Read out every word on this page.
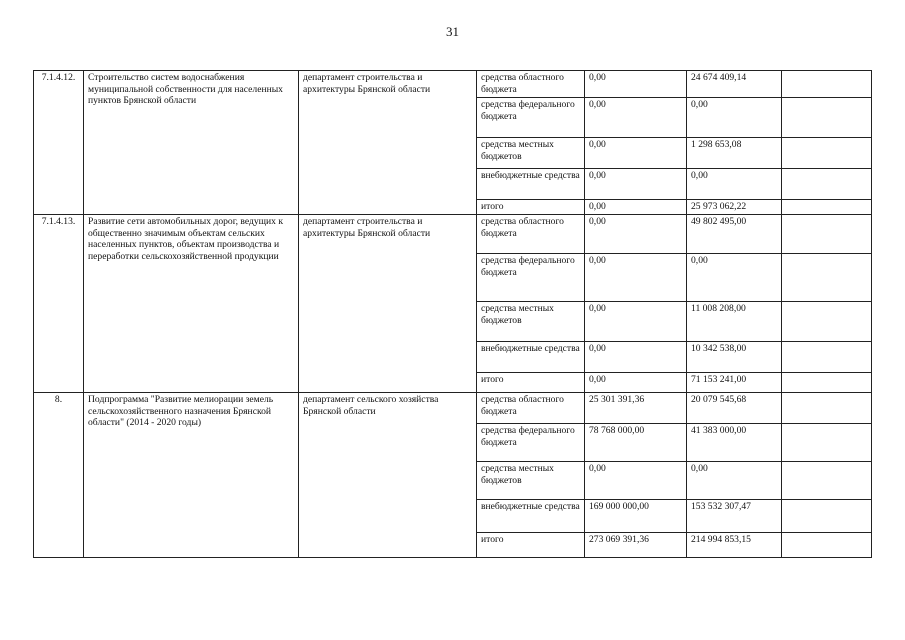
31
7.1.4.12.	Строительство систем водоснабжения муниципальной собственности для населенных пунктов Брянской области	департамент строительства и архитектуры Брянской области	средства областного бюджета	0,00	24 674 409,14	
			средства федерального бюджета	0,00	0,00	
			средства местных бюджетов	0,00	1 298 653,08	
			внебюджетные средства	0,00	0,00	
			итого	0,00	25 973 062,22	
7.1.4.13.	Развитие сети автомобильных дорог, ведущих к общественно значимым объектам сельских населенных пунктов, объектам производства и переработки сельскохозяйственной продукции	департамент строительства и архитектуры Брянской области	средства областного бюджета	0,00	49 802 495,00	
			средства федерального бюджета	0,00	0,00	
			средства местных бюджетов	0,00	11 008 208,00	
			внебюджетные средства	0,00	10 342 538,00	
			итого	0,00	71 153 241,00	
8.	Подпрограмма "Развитие мелиорации земель сельскохозяйственного назначения Брянской области" (2014 - 2020 годы)	департамент сельского хозяйства Брянской области	средства областного бюджета	25 301 391,36	20 079 545,68	
			средства федерального бюджета	78 768 000,00	41 383 000,00	
			средства местных бюджетов	0,00	0,00	
			внебюджетные средства	169 000 000,00	153 532 307,47	
			итого	273 069 391,36	214 994 853,15	
